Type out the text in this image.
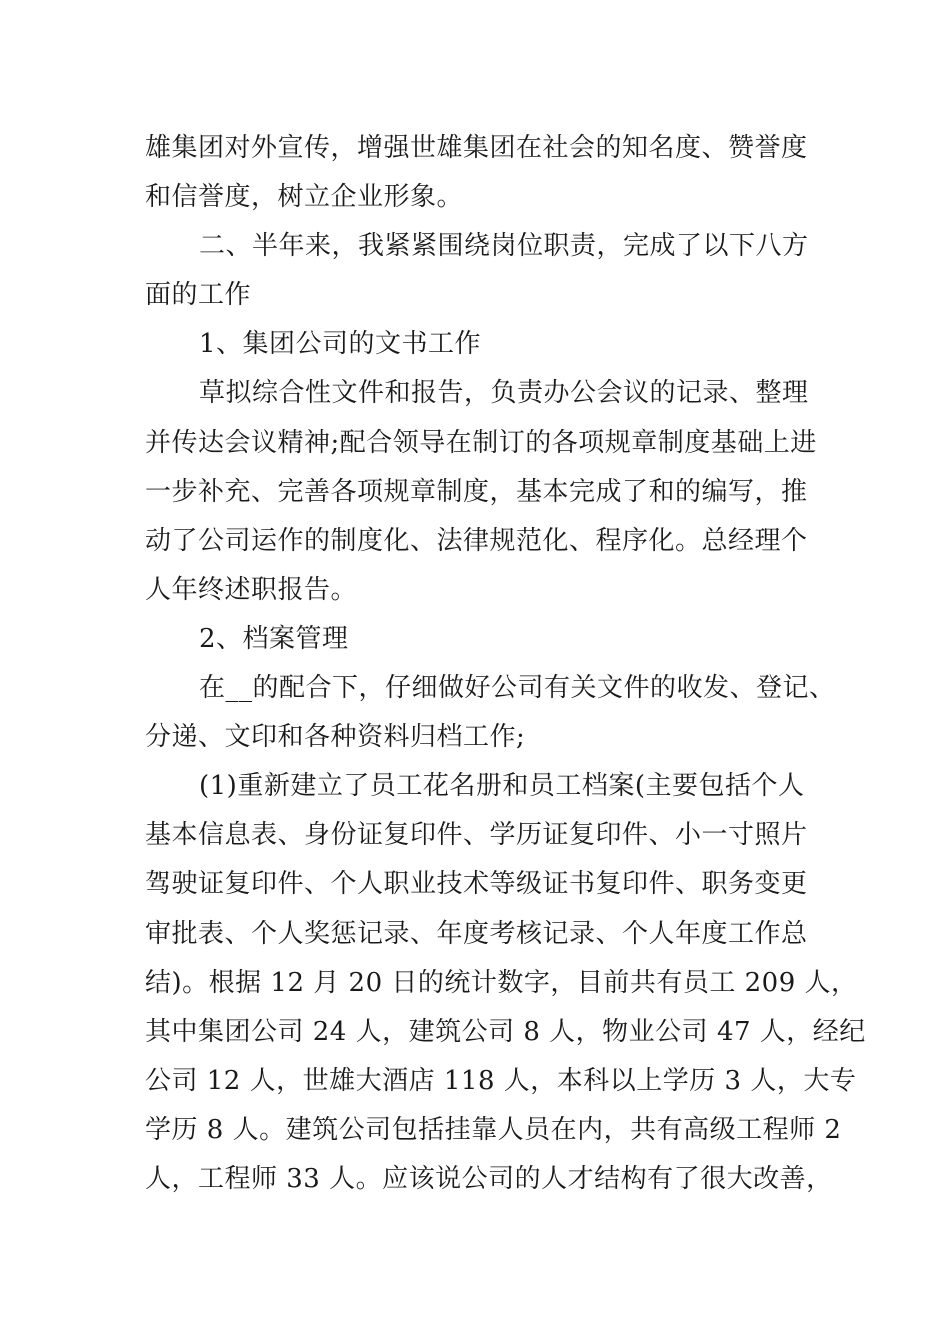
雄集团对外宣传，增强世雄集团在社会的知名度、赞誉度
和信誉度，树立企业形象。
二、半年来，我紧紧围绕岗位职责，完成了以下八方
面的工作
1、集团公司的文书工作
草拟综合性文件和报告，负责办公会议的记录、整理
并传达会议精神;配合领导在制订的各项规章制度基础上进
一步补充、完善各项规章制度，基本完成了和的编写，推
动了公司运作的制度化、法律规范化、程序化。总经理个
人年终述职报告。
2、档案管理
在__的配合下，仔细做好公司有关文件的收发、登记、
分递、文印和各种资料归档工作;
(1)重新建立了员工花名册和员工档案(主要包括个人
基本信息表、身份证复印件、学历证复印件、小一寸照片
驾驶证复印件、个人职业技术等级证书复印件、职务变更
审批表、个人奖惩记录、年度考核记录、个人年度工作总
结)。根据 12 月 20 日的统计数字，目前共有员工 209 人，
其中集团公司 24 人，建筑公司 8 人，物业公司 47 人，经纪
公司 12 人，世雄大酒店 118 人，本科以上学历 3 人，大专
学历 8 人。建筑公司包括挂靠人员在内，共有高级工程师 2
人，工程师 33 人。应该说公司的人才结构有了很大改善，
